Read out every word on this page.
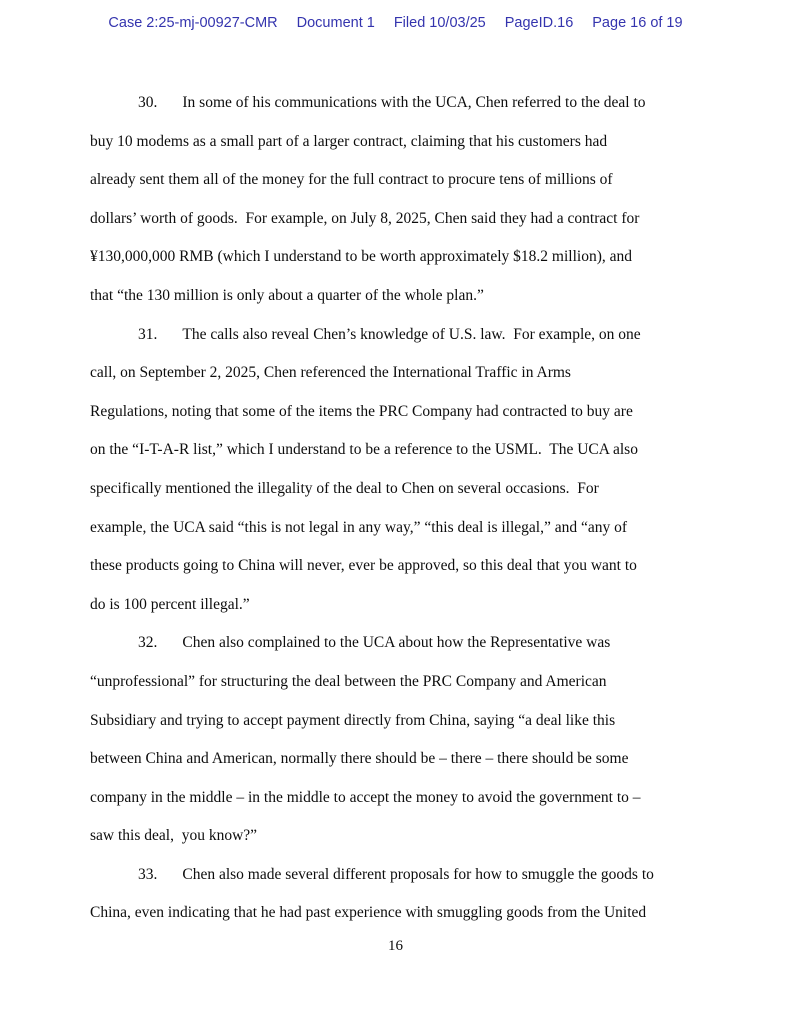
Case 2:25-mj-00927-CMR Document 1 Filed 10/03/25 PageID.16 Page 16 of 19
30. In some of his communications with the UCA, Chen referred to the deal to
buy 10 modems as a small part of a larger contract, claiming that his customers had
already sent them all of the money for the full contract to procure tens of millions of
dollars’ worth of goods.  For example, on July 8, 2025, Chen said they had a contract for
¥130,000,000 RMB (which I understand to be worth approximately $18.2 million), and
that “the 130 million is only about a quarter of the whole plan.”
31. The calls also reveal Chen’s knowledge of U.S. law.  For example, on one
call, on September 2, 2025, Chen referenced the International Traffic in Arms
Regulations, noting that some of the items the PRC Company had contracted to buy are
on the “I-T-A-R list,” which I understand to be a reference to the USML.  The UCA also
specifically mentioned the illegality of the deal to Chen on several occasions.  For
example, the UCA said “this is not legal in any way,” “this deal is illegal,” and “any of
these products going to China will never, ever be approved, so this deal that you want to
do is 100 percent illegal.”
32. Chen also complained to the UCA about how the Representative was
“unprofessional” for structuring the deal between the PRC Company and American
Subsidiary and trying to accept payment directly from China, saying “a deal like this
between China and American, normally there should be – there – there should be some
company in the middle – in the middle to accept the money to avoid the government to –
saw this deal,  you know?”
33. Chen also made several different proposals for how to smuggle the goods to
China, even indicating that he had past experience with smuggling goods from the United
16
